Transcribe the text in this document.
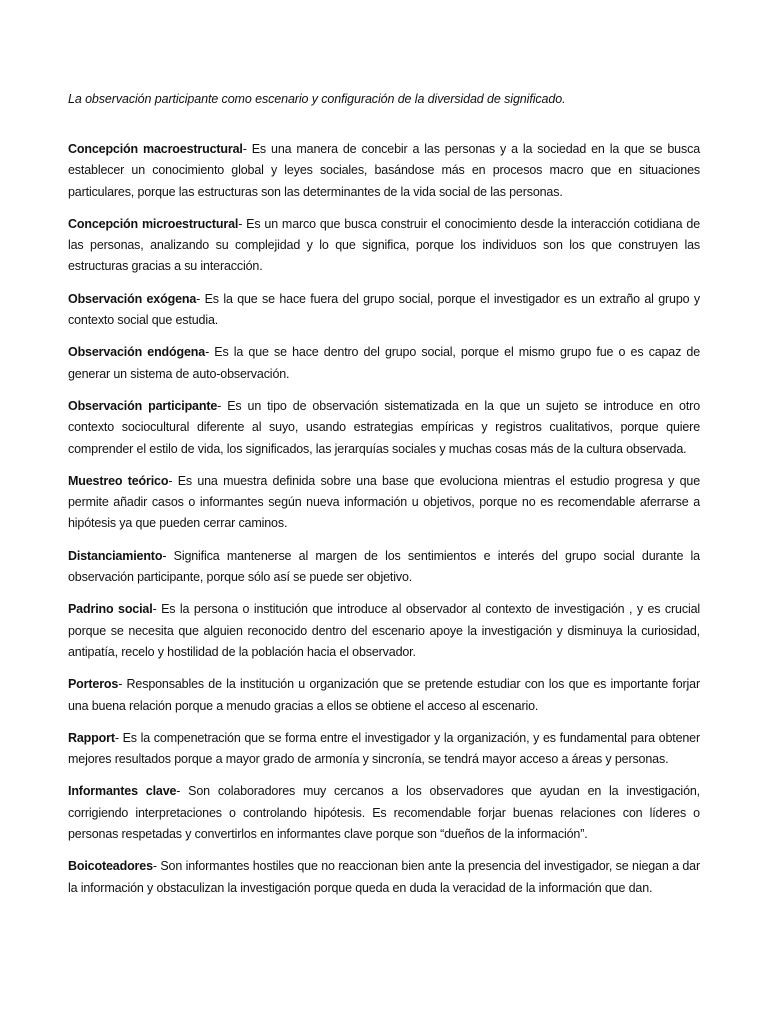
La observación participante como escenario y configuración de la diversidad de significado.

Concepción macroestructural- Es una manera de concebir a las personas y a la sociedad en la que se busca establecer un conocimiento global y leyes sociales, basándose más en procesos macro que en situaciones particulares, porque las estructuras son las determinantes de la vida social de las personas.

Concepción microestructural- Es un marco que busca construir el conocimiento desde la interacción cotidiana de las personas, analizando su complejidad y lo que significa, porque los individuos son los que construyen las estructuras gracias a su interacción.

Observación exógena- Es la que se hace fuera del grupo social, porque el investigador es un extraño al grupo y contexto social que estudia.

Observación endógena- Es la que se hace dentro del grupo social, porque el mismo grupo fue o es capaz de generar un sistema de auto-observación.

Observación participante- Es un tipo de observación sistematizada en la que un sujeto se introduce en otro contexto sociocultural diferente al suyo, usando estrategias empíricas y registros cualitativos, porque quiere comprender el estilo de vida, los significados, las jerarquías sociales y muchas cosas más de la cultura observada.

Muestreo teórico- Es una muestra definida sobre una base que evoluciona mientras el estudio progresa y que permite añadir casos o informantes según nueva información u objetivos, porque no es recomendable aferrarse a hipótesis ya que pueden cerrar caminos.

Distanciamiento- Significa mantenerse al margen de los sentimientos e interés del grupo social durante la observación participante, porque sólo así se puede ser objetivo.

Padrino social- Es la persona o institución que introduce al observador al contexto de investigación , y es crucial porque se necesita que alguien reconocido dentro del escenario apoye la investigación y disminuya la curiosidad, antipatía, recelo y hostilidad de la población hacia el observador.

Porteros- Responsables de la institución u organización que se pretende estudiar con los que es importante forjar una buena relación porque a menudo gracias a ellos se obtiene el acceso al escenario.

Rapport- Es la compenetración que se forma entre el investigador y la organización, y es fundamental para obtener mejores resultados porque a mayor grado de armonía y sincronía, se tendrá mayor acceso a áreas y personas.

Informantes clave- Son colaboradores muy cercanos a los observadores que ayudan en la investigación, corrigiendo interpretaciones o controlando hipótesis. Es recomendable forjar buenas relaciones con líderes o personas respetadas y convertirlos en informantes clave porque son “dueños de la información”.

Boicoteadores- Son informantes hostiles que no reaccionan bien ante la presencia del investigador, se niegan a dar la información y obstaculizan la investigación porque queda en duda la veracidad de la información que dan.
